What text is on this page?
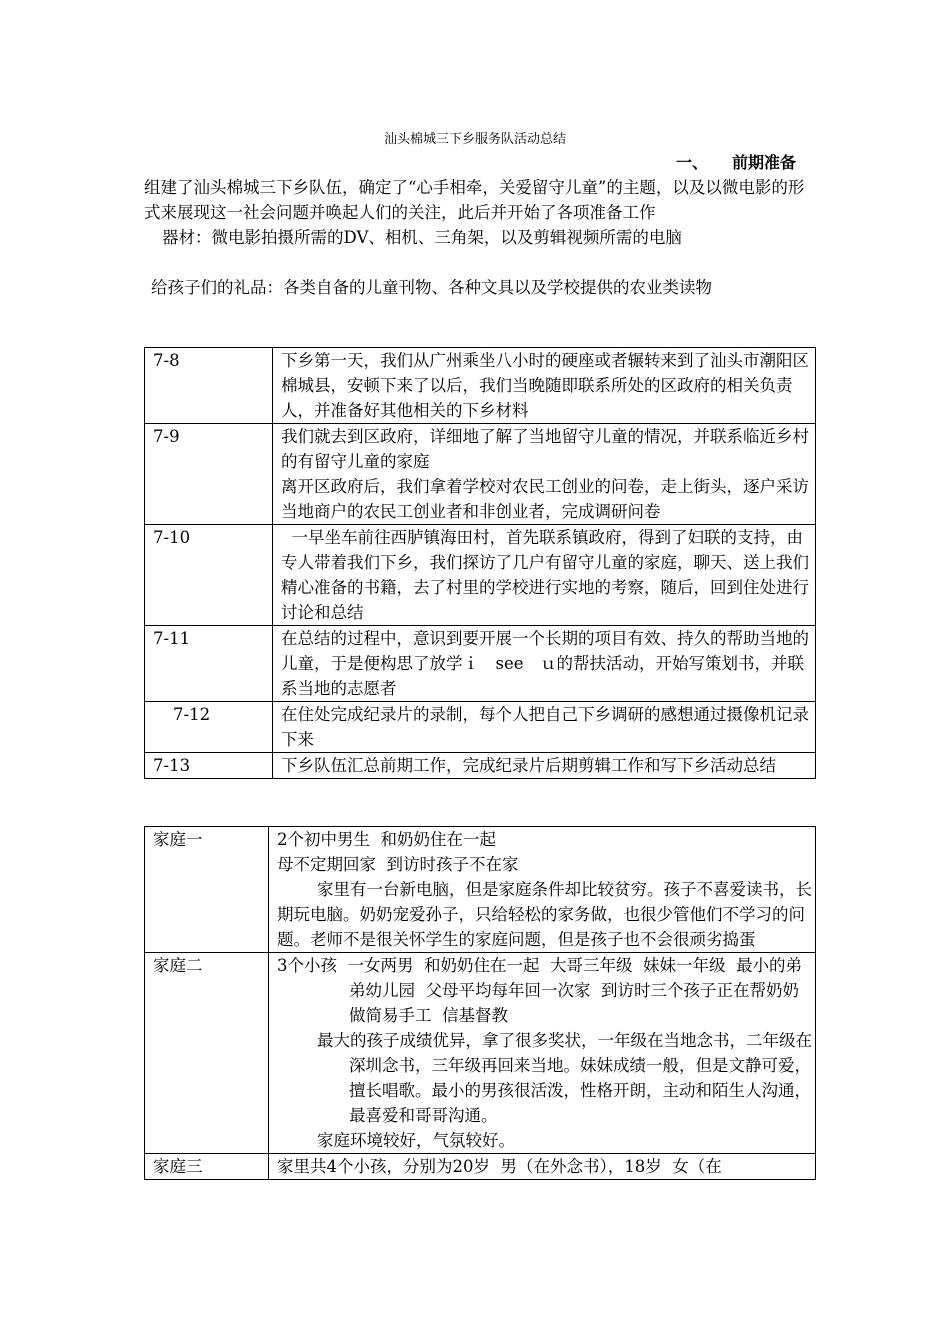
汕头棉城三下乡服务队活动总结
一、 前期准备

组建了汕头棉城三下乡队伍，确定了“心手相牵，关爱留守儿童”的主题，以及以微电影的形式来展现这一社会问题并唤起人们的关注，此后并开始了各项准备工作

器材：微电影拍摄所需的DV、相机、三角架，以及剪辑视频所需的电脑

给孩子们的礼品：各类自备的儿童刊物、各种文具以及学校提供的农业类读物

7-8	下乡第一天，我们从广州乘坐八小时的硬座或者辗转来到了汕头市潮阳区棉城县，安顿下来了以后，我们当晚随即联系所处的区政府的相关负责人，并准备好其他相关的下乡材料

7-9	我们就去到区政府，详细地了解了当地留守儿童的情况，并联系临近乡村的有留守儿童的家庭
离开区政府后，我们拿着学校对农民工创业的问卷，走上街头，逐户采访当地商户的农民工创业者和非创业者，完成调研问卷

7-10	一早坐车前往西胪镇海田村，首先联系镇政府，得到了妇联的支持，由专人带着我们下乡，我们探访了几户有留守儿童的家庭，聊天、送上我们精心准备的书籍，去了村里的学校进行实地的考察，随后，回到住处进行讨论和总结

7-11	在总结的过程中，意识到要开展一个长期的项目有效、持久的帮助当地的儿童，于是便构思了放学ｉ　see　ｕ的帮扶活动，开始写策划书，并联系当地的志愿者

7-12	在住处完成纪录片的录制，每个人把自己下乡调研的感想通过摄像机记录下来

7-13	下乡队伍汇总前期工作，完成纪录片后期剪辑工作和写下乡活动总结
家庭一	2个初中男生  和奶奶住在一起
母不定期回家  到访时孩子不在家
家里有一台新电脑，但是家庭条件却比较贫穷。孩子不喜爱读书，长期玩电脑。奶奶宠爱孙子，只给轻松的家务做，也很少管他们不学习的问题。老师不是很关怀学生的家庭问题，但是孩子也不会很顽劣捣蛋

家庭二	3个小孩  一女两男  和奶奶住在一起  大哥三年级  妹妹一年级  最小的弟弟幼儿园  父母平均每年回一次家  到访时三个孩子正在帮奶奶做简易手工  信基督教
最大的孩子成绩优异，拿了很多奖状，一年级在当地念书，二年级在深圳念书，三年级再回来当地。妹妹成绩一般，但是文静可爱，擅长唱歌。最小的男孩很活泼，性格开朗，主动和陌生人沟通，最喜爱和哥哥沟通。
家庭环境较好，气氛较好。

家庭三	家里共4个小孩，分别为20岁  男（在外念书），18岁  女（在
